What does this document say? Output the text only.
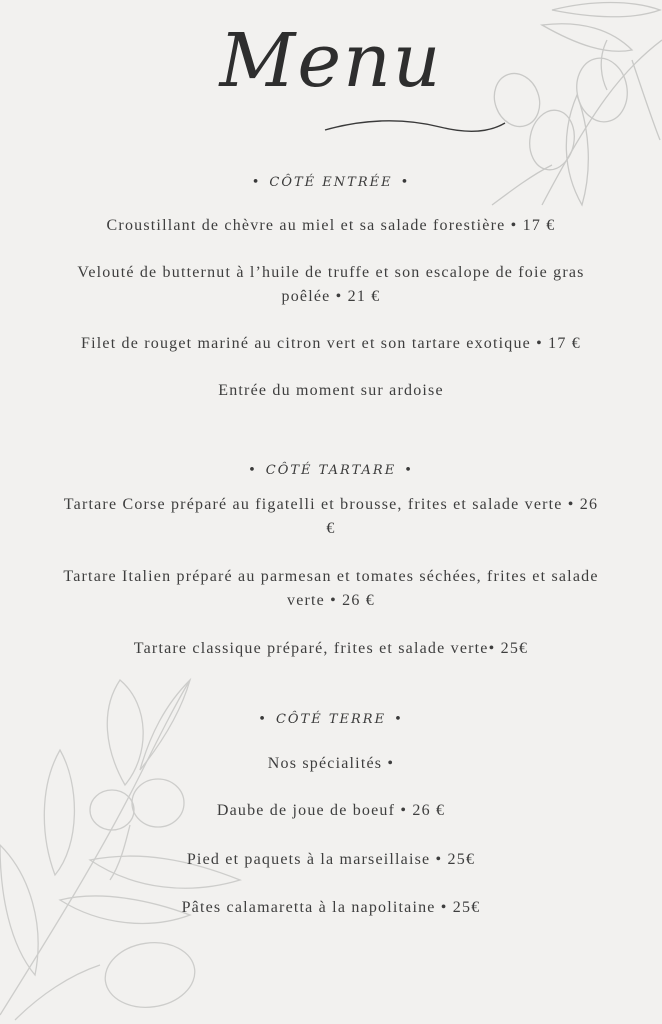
Menu

• CÔTÉ ENTRÉE •

Croustillant de chèvre au miel et sa salade forestière • 17 €
Velouté de butternut à l’huile de truffe et son escalope de foie gras poêlée • 21 €
Filet de rouget mariné au citron vert et son tartare exotique • 17 €
Entrée du moment sur ardoise

• CÔTÉ TARTARE •

Tartare Corse préparé au figatelli et brousse, frites et salade verte • 26 €
Tartare Italien préparé au parmesan et tomates séchées, frites et salade verte • 26 €
Tartare classique préparé, frites et salade verte• 25€

• CÔTÉ TERRE •

Nos spécialités •
Daube de joue de boeuf • 26 €
Pied et paquets à la marseillaise • 25€
Pâtes calamaretta à la napolitaine • 25€
